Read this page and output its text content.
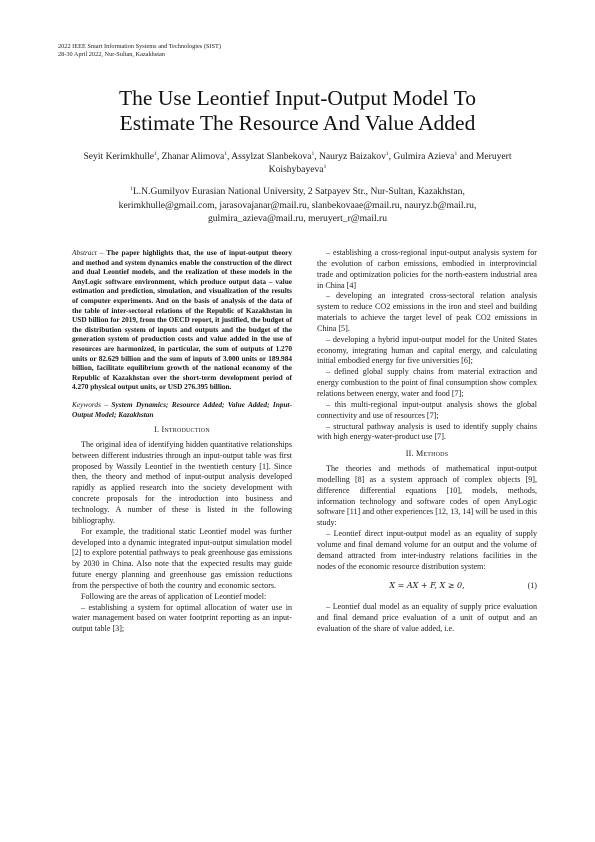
2022 IEEE Smart Information Systems and Technologies (SIST)
28-30 April 2022, Nur-Sultan, Kazakhstan
The Use Leontief Input-Output Model To
Estimate The Resource And Value Added
Seyit Kerimkhulle$^1$, Zhanar Alimova$^1$, Assylzat Slanbekova$^1$, Nauryz Baizakov$^1$, Gulmira Azieva$^1$ and Meruyert Koishybayeva$^1$
$^1$L.N.Gumilyov Eurasian National University, 2 Satpayev Str., Nur-Sultan, Kazakhstan,
kerimkhulle@gmail.com, jarasovajanar@mail.ru, slanbekovaae@mail.ru, nauryz.b@mail.ru,
gulmira_azieva@mail.ru, meruyert_r@mail.ru

Abstract – The paper highlights that, the use of input-output theory and method and system dynamics enable the construction of the direct and dual Leontief models, and the realization of these models in the AnyLogic software environment, which produce output data – value estimation and prediction, simulation, and visualization of the results of computer experiments. And on the basis of analysis of the data of the table of inter-sectoral relations of the Republic of Kazakhstan in USD billion for 2019, from the OECD report, it justified, the budget of the distribution system of inputs and outputs and the budget of the generation system of production costs and value added in the use of resources are harmonized, in particular, the sum of outputs of 1.270 units or 82.629 billion and the sum of inputs of 3.000 units or 189.984 billion, facilitate equilibrium growth of the national economy of the Republic of Kazakhstan over the short-term development period of 4.270 physical output units, or USD 276.395 billion.

Keywords – System Dynamics; Resource Added; Value Added; Input-Output Model; Kazakhstan

I. Introduction

The original idea of identifying hidden quantitative relationships between different industries through an input-output table was first proposed by Wassily Leontief in the twentieth century [1]. Since then, the theory and method of input-output analysis developed rapidly as applied research into the society development with concrete proposals for the introduction into business and technology. A number of these is listed in the following bibliography.

For example, the traditional static Leontief model was further developed into a dynamic integrated input-output simulation model [2] to explore potential pathways to peak greenhouse gas emissions by 2030 in China. Also note that the expected results may guide future energy planning and greenhouse gas emission reductions from the perspective of both the country and economic sectors.

Following are the areas of application of Leontief model:

– establishing a system for optimal allocation of water use in water management based on water footprint reporting as an input-output table [3];

– establishing a cross-regional input-output analysis system for the evolution of carbon emissions, embodied in interprovincial trade and optimization policies for the north-eastern industrial area in China [4]

– developing an integrated cross-sectoral relation analysis system to reduce CO2 emissions in the iron and steel and building materials to achieve the target level of peak CO2 emissions in China [5].

– developing a hybrid input-output model for the United States economy, integrating human and capital energy, and calculating initial embodied energy for five universities [6];

– defined global supply chains from material extraction and energy combustion to the point of final consumption show complex relations between energy, water and food [7];

– this multi-regional input-output analysis shows the global connectivity and use of resources [7];

– structural pathway analysis is used to identify supply chains with high energy-water-product use [7].

II. Methods

The theories and methods of mathematical input-output modelling [8] as a system approach of complex objects [9], difference differential equations [10], models, methods, information technology and software codes of open AnyLogic software [11] and other experiences [12, 13, 14] will be used in this study:

– Leontief direct input-output model as an equality of supply volume and final demand volume for an output and the volume of demand attracted from inter-industry relations facilities in the nodes of the economic resource distribution system:

X = AX + F, X ≥ 0,	(1)

– Leontief dual model as an equality of supply price evaluation and final demand price evaluation of a unit of output and an evaluation of the share of value added, i.e.
